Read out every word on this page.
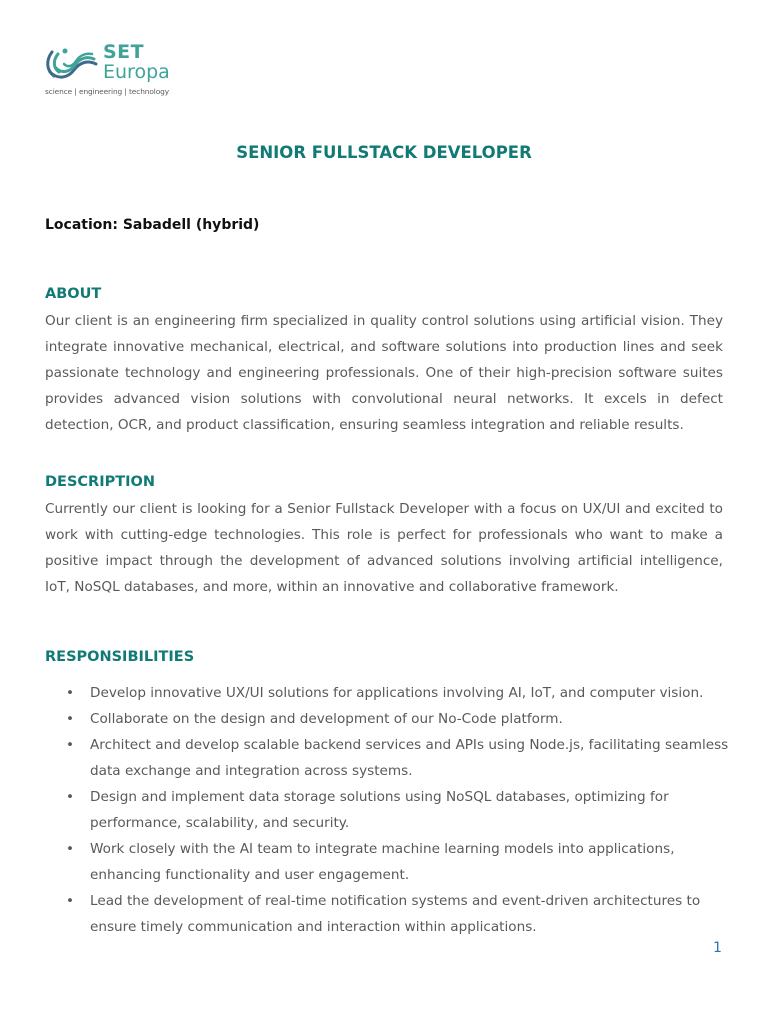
SET
Europa
science | engineering | technology
SENIOR FULLSTACK DEVELOPER
Location: Sabadell (hybrid)
ABOUT

Our client is an engineering firm specialized in quality control solutions using artificial vision. They integrate innovative mechanical, electrical, and software solutions into production lines and seek passionate technology and engineering professionals. One of their high-precision software suites provides advanced vision solutions with convolutional neural networks. It excels in defect detection, OCR, and product classification, ensuring seamless integration and reliable results.

DESCRIPTION

Currently our client is looking for a Senior Fullstack Developer with a focus on UX/UI and excited to work with cutting-edge technologies. This role is perfect for professionals who want to make a positive impact through the development of advanced solutions involving artificial intelligence, IoT, NoSQL databases, and more, within an innovative and collaborative framework.

RESPONSIBILITIES
• Develop innovative UX/UI solutions for applications involving AI, IoT, and computer vision.
• Collaborate on the design and development of our No-Code platform.
• Architect and develop scalable backend services and APIs using Node.js, facilitating seamless data exchange and integration across systems.
• Design and implement data storage solutions using NoSQL databases, optimizing for performance, scalability, and security.
• Work closely with the AI team to integrate machine learning models into applications, enhancing functionality and user engagement.
• Lead the development of real-time notification systems and event-driven architectures to ensure timely communication and interaction within applications.
1
